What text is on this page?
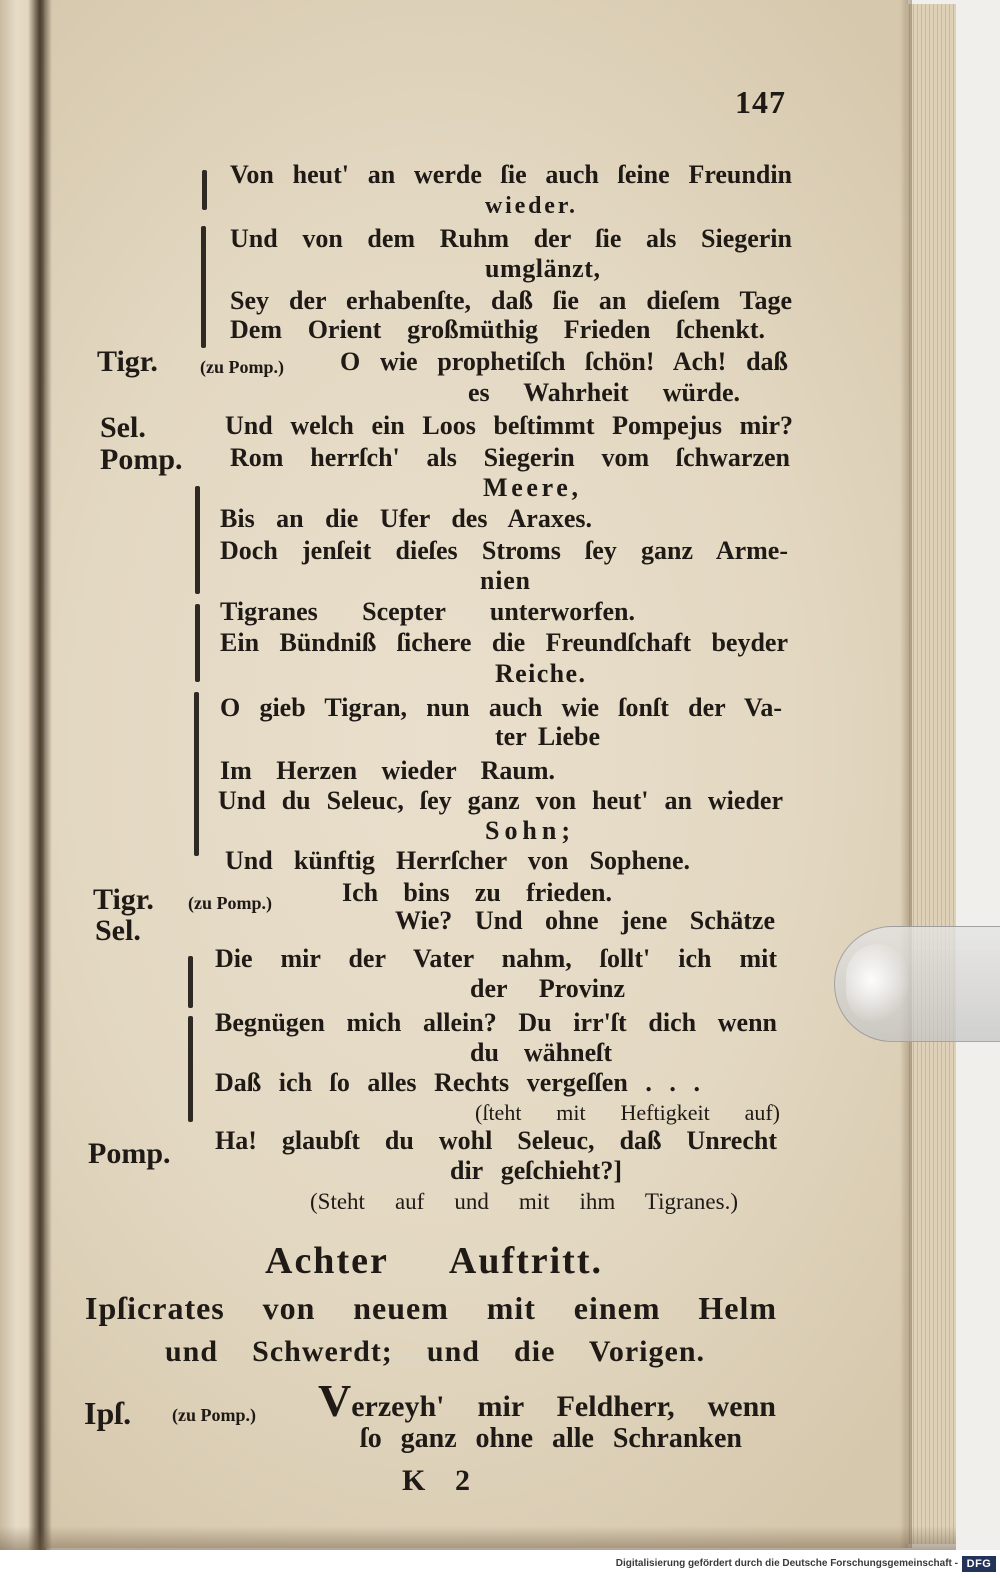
147
Von heut' an werde ſie auch ſeine Freundin
wieder.
Und von dem Ruhm der ſie als Siegerin
umglänzt,
Sey der erhabenſte, daß ſie an dieſem Tage
Dem Orient großmüthig Frieden ſchenkt.
Tigr. (zu Pomp.) O wie prophetiſch ſchön! Ach! daß
es Wahrheit würde.
Sel.	Und welch ein Loos beſtimmt Pompejus mir?
Pomp. Rom herrſch' als Siegerin vom ſchwarzen
Meere,
Bis an die Ufer des Araxes.
Doch jenſeit dieſes Stroms ſey ganz Arme-
nien
Tigranes Scepter unterworfen.
Ein Bündniß ſichere die Freundſchaft beyder
Reiche.
O gieb Tigran, nun auch wie ſonſt der Va-
ter Liebe
Im Herzen wieder Raum.
Und du Seleuc, ſey ganz von heut' an wieder
Sohn;
Und künftig Herrſcher von Sophene.
Tigr. (zu Pomp.)	Ich bins zu frieden.
Sel.	Wie? Und ohne jene Schätze
Die mir der Vater nahm, ſollt' ich mit
der Provinz
Begnügen mich allein? Du irr'ſt dich wenn
du wähneſt
Daß ich ſo alles Rechts vergeſſen . . .
(ſteht mit Heftigkeit auf)
Pomp. Ha! glaubſt du wohl Seleuc, daß Unrecht
dir geſchieht?]
(Steht auf und mit ihm Tigranes.)
Achter Auftritt.
Ipſicrates von neuem mit einem Helm
und Schwerdt; und die Vorigen.
Ipſ. (zu Pomp.) Verzeyh' mir Feldherr, wenn
ſo ganz ohne alle Schranken
K 2
Digitalisierung gefördert durch die Deutsche Forschungsgemeinschaft - DFG
